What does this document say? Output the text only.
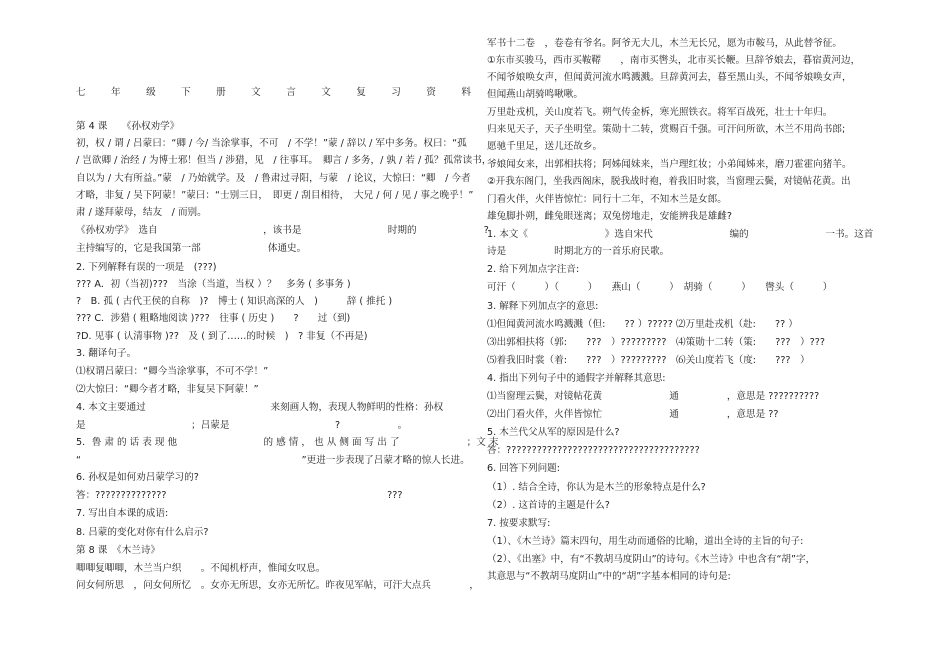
七	年	级	下	册	文	言	文	复	习	资	料
第 4 课　　《孙权劝学》
初，权 / 谓 / 吕蒙曰：“卿 / 今/ 当涂掌事，不可　/ 不学！”蒙 / 辞以 / 军中多务。权曰：“孤
/ 岂欲卿 / 治经 / 为博士邪！但当 / 涉猎，见　/ 往事耳。　卿言 / 多务，/ 孰 / 若 / 孤？孤常读书，
自以为 / 大有所益。”蒙　/ 乃始就学。及　/ 鲁肃过寻阳，与蒙　/ 论议，大惊曰：“卿　/ 今者
才略，非复 / 吴下阿蒙！”蒙曰：“士别三日，　即更 / 刮目相待，　大兄 / 何 / 见 / 事之晚乎！”
肃 / 遂拜蒙母，结友　/ 而别。
《孙权劝学》　选自　　　　　　　　　　　，该书是　　　　　　　　　时期的　　　　　　　?
主持编写的，它是我国第一部　　　　　　　体通史。
2. 下列解释有误的一项是　(???)
??? A．初（当初)???　当涂（当道，当权 ）？　多务 ( 多事务 )
?　B. 孤 ( 古代王侯的自称　)?　博士 ( 知识高深的人　)　　　辞 ( 推托 )
??? C．涉猎 ( 粗略地阅读 )???　往事 ( 历史 )　　?　　过（到)
?D. 见事 ( 认清事物 )??　及 ( 到了‥‥‥的时候　)　? 非复（不再是)
3. 翻译句子。
⑴权谓吕蒙曰：“卿今当涂掌事，不可不学！”
⑵大惊曰：“卿今者才略，非复吴下阿蒙！”
4. 本文主要通过　　　　　　　　　　　　　来刻画人物，表现人物鲜明的性格：孙权
是　　　　　　　　　　　；吕蒙是　　　　　　　　　　　?　　　　　　。
5．鲁 肃 的 话 表 现 他　　　　　　　　　的 感 情 ， 也 从 侧 面 写 出 了　　　　　　　；文 末
“　　　　　　　　　　　　　　　　　　　　　　　”更进一步表现了吕蒙才略的惊人长进。
6. 孙权是如何劝吕蒙学习的?
答：??????????????　　　　　　　　　　　　　　　　　　　　　　　???
7. 写出自本课的成语:
8. 吕蒙的变化对你有什么启示?
第 8 课　《木兰诗》
唧唧复唧唧，木兰当户织　　。不闻机杼声，惟闻女叹息。
问女何所思　，问女何所忆　。女亦无所思，女亦无所忆。昨夜见军帖，可汗大点兵　　　　，
军书十二卷　，卷卷有爷名。阿爷无大儿，木兰无长兄，愿为市鞍马，从此替爷征。
①东市买骏马，西市买鞍鞯　　，南市买辔头，北市买长鞭。旦辞爷娘去，暮宿黄河边，
不闻爷娘唤女声，但闻黄河流水鸣溅溅。旦辞黄河去，暮至黑山头，不闻爷娘唤女声，
但闻燕山胡骑鸣啾啾。
万里赴戎机，关山度若飞。朔气传金柝，寒光照铁衣。将军百战死，壮士十年归。
归来见天子，天子坐明堂。策勋十二转，赏赐百千强。可汗问所欲，木兰不用尚书郎;
愿驰千里足，送儿还故乡。
爷娘闻女来，出郭相扶将；阿姊闻妹来，当户理红妆；小弟闻姊来，磨刀霍霍向猪羊。
②开我东阁门，坐我西阁床，脱我战时袍，着我旧时裳，当窗理云鬓，对镜帖花黄。出
门看火伴，火伴皆惊忙：同行十二年，不知木兰是女郎。
雄兔脚扑朔，雌兔眼迷离；双兔傍地走，安能辨我是雄雌?
1. 本文《　　　　　　　　》选自宋代　　　　　　　　编的　　　　　　　　一书。这首
诗是　　　　　时期北方的一首乐府民歌。
2. 给下列加点字注音:
可汗（　　　）（　　　）　　燕山（　　　）　胡骑（　　　）　　辔头（　　　）
3. 解释下列加点字的意思:
⑴但闻黄河流水鸣溅溅（但:　　?? ）????? ⑵万里赴戎机（赴:　　?? ）
⑶出郭相扶将（郭:　　???　）?????????　⑷策勋十二转（策:　　???　）???
⑸着我旧时裳（着:　　???　）?????????　⑹关山度若飞（度:　　???　）
4. 指出下列句子中的通假字并解释其意思:
⑴当窗理云鬓，对镜帖花黄　　　　　　　通　　　　　，意思是 ??????????
⑵出门看火伴，火伴皆惊忙　　　　　　　通　　　　　，意思是 ??
5. 木兰代父从军的原因是什么?
答：??????????????????????????????????????
6. 回答下列问题:
（1）. 结合全诗，你认为是木兰的形象特点是什么?
（2）. 这首诗的主题是什么?
7. 按要求默写:
（1）、《木兰诗》篇末四句，用生动而通俗的比喻，道出全诗的主旨的句子:
（2）、《出塞》中，有“不教胡马度阴山”的诗句。《木兰诗》中也含有“胡”字，
其意思与“不教胡马度阴山”中的“胡”字基本相同的诗句是:
